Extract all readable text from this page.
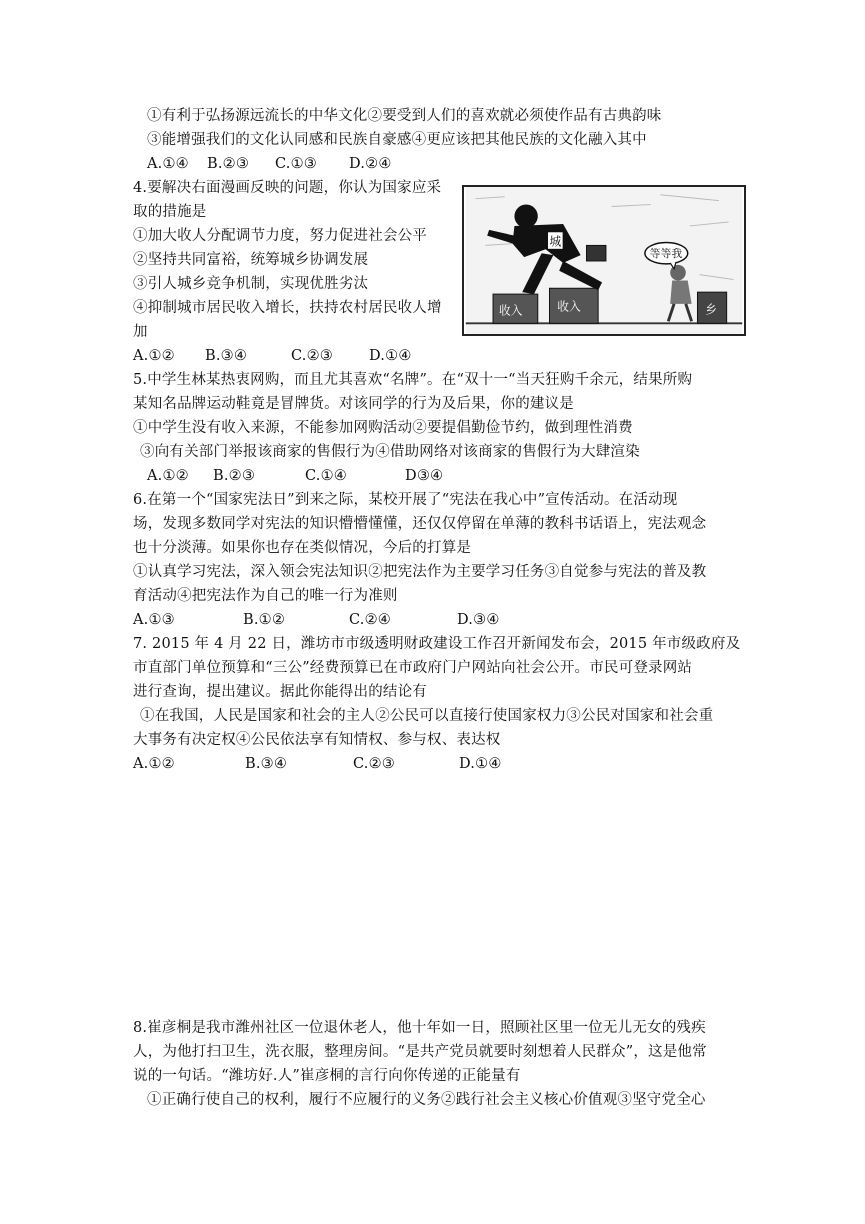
①有利于弘扬源远流长的中华文化②要受到人们的喜欢就必须使作品有古典韵味
③能增强我们的文化认同感和民族自豪感④更应该把其他民族的文化融入其中
A.①④ B.②③ C.①③ D.②④
4.要解决右面漫画反映的问题，你认为国家应采
取的措施是
①加大收人分配调节力度，努力促进社会公平
②坚持共同富裕，统筹城乡协调发展
③引人城乡竞争机制，实现优胜劣汰
④抑制城市居民收入增长，扶持农村居民收人增
加
A.①② B.③④	C.②③ D.①④
收入	收入
城
乡
等等我
5.中学生林某热衷网购，而且尤其喜欢“名牌”。在“双十一“当天狂购千余元，结果所购
某知名品牌运动鞋竟是冒牌货。对该同学的行为及后果，你的建议是
①中学生没有收入来源，不能参加网购活动②要提倡勤俭节约，做到理性消费
③向有关部门举报该商家的售假行为④借助网络对该商家的售假行为大肆渲染
A.①② B.②③	C.①④	D③④
6.在第一个“国家宪法日”到来之际，某校开展了“宪法在我心中”宣传活动。在活动现
场，发现多数同学对宪法的知识懵懵懂懂，还仅仅停留在单薄的教科书话语上，宪法观念
也十分淡薄。如果你也存在类似情况，今后的打算是
①认真学习宪法，深入领会宪法知识②把宪法作为主要学习任务③自觉参与宪法的普及教
育活动④把宪法作为自己的唯一行为准则
A.①③	B.①②	C.②④	D.③④
7. 2015 年 4 月 22 日，潍坊市市级透明财政建设工作召开新闻发布会，2015 年市级政府及
市直部门单位预算和“三公”经费预算已在市政府门户网站向社会公开。市民可登录网站
进行查询，提出建议。据此你能得出的结论有
①在我国，人民是国家和社会的主人②公民可以直接行使国家权力③公民对国家和社会重
大事务有决定权④公民依法享有知情权、参与权、表达权
A.①②	B.③④	C.②③	D.①④
8.崔彦桐是我市潍州社区一位退休老人，他十年如一日，照顾社区里一位无儿无女的残疾
人，为他打扫卫生，洗衣服，整理房间。“是共产党员就要时刻想着人民群众”，这是他常
说的一句话。“潍坊好.人”崔彦桐的言行向你传递的正能量有
①正确行使自己的权利，履行不应履行的义务②践行社会主义核心价值观③坚守党全心
